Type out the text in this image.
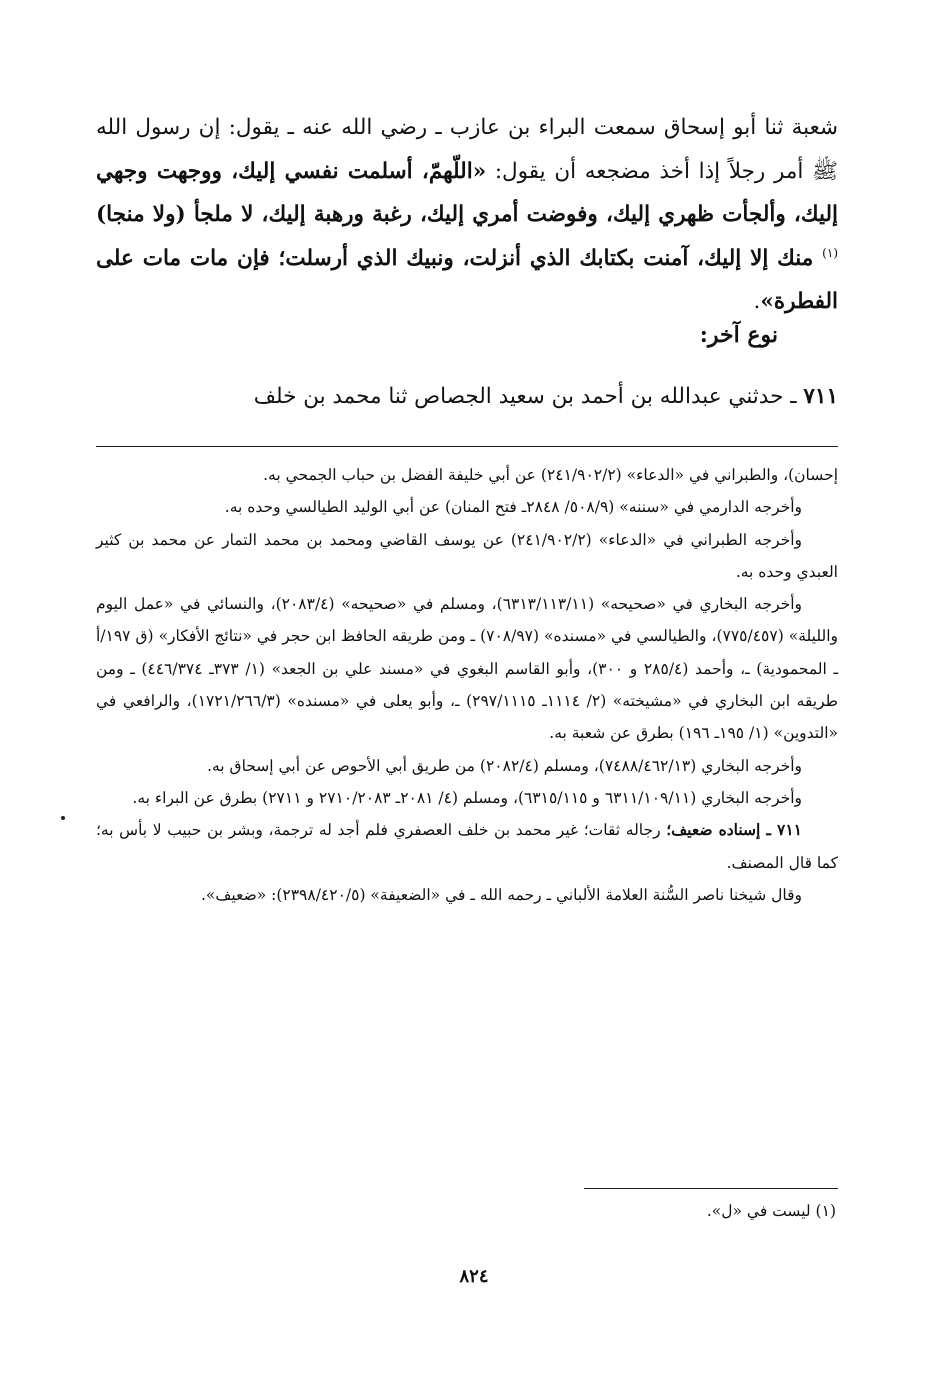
شعبة ثنا أبو إسحاق سمعت البراء بن عازب ـ رضي الله عنه ـ يقول: إن رسول الله ﷺ أمر رجلاً إذا أخذ مضجعه أن يقول: «اللّهمّ، أسلمت نفسي إليك، ووجهت وجهي إليك، وألجأت ظهري إليك، وفوضت أمري إليك، رغبة ورهبة إليك، لا ملجأ (ولا منجا)$^{(١)}$ منك إلا إليك، آمنت بكتابك الذي أنزلت، ونبيك الذي أرسلت؛ فإن مات مات على الفطرة».

نوع آخر:
٧١١ ـ حدثني عبدالله بن أحمد بن سعيد الجصاص ثنا محمد بن خلف

إحسان)، والطبراني في «الدعاء» (٢٤١/٩٠٢/٢) عن أبي خليفة الفضل بن حباب الجمحي به.

وأخرجه الدارمي في «سننه» (٥٠٨/٩/ ٢٨٤٨ـ فتح المنان) عن أبي الوليد الطيالسي وحده به.

وأخرجه الطبراني في «الدعاء» (٢٤١/٩٠٢/٢) عن يوسف القاضي ومحمد بن محمد التمار عن محمد بن كثير العبدي وحده به.

وأخرجه البخاري في «صحيحه» (٦٣١٣/١١٣/١١)، ومسلم في «صحيحه» (٢٠٨٣/٤)، والنسائي في «عمل اليوم والليلة» (٧٧٥/٤٥٧)، والطيالسي في «مسنده» (٧٠٨/٩٧) ـ ومن طريقه الحافظ ابن حجر في «نتائج الأفكار» (ق ١٩٧/أ ـ المحمودية) ـ، وأحمد (٢٨٥/٤ و ٣٠٠)، وأبو القاسم البغوي في «مسند علي بن الجعد» (١/ ٣٧٣ـ ٤٤٦/٣٧٤) ـ ومن طريقه ابن البخاري في «مشيخته» (٢/ ١١١٤ـ ٢٩٧/١١١٥) ـ، وأبو يعلى في «مسنده» (١٧٢١/٢٦٦/٣)، والرافعي في «التدوين» (١/ ١٩٥ـ ١٩٦) بطرق عن شعبة به.

وأخرجه البخاري (٧٤٨٨/٤٦٢/١٣)، ومسلم (٢٠٨٢/٤) من طريق أبي الأحوص عن أبي إسحاق به.

وأخرجه البخاري (٦٣١١/١٠٩/١١ و ٦٣١٥/١١٥)، ومسلم (٤/ ٢٠٨١ـ ٢٧١٠/٢٠٨٣ و ٢٧١١) بطرق عن البراء به.

٧١١ ـ إسناده ضعيف؛ رجاله ثقات؛ غير محمد بن خلف العصفري فلم أجد له ترجمة، وبشر بن حبيب لا بأس به؛ كما قال المصنف.

وقال شيخنا ناصر السُّنة العلامة الألباني ـ رحمه الله ـ في «الضعيفة» (٢٣٩٨/٤٢٠/٥): «ضعيف».

(١) ليست في «ل».
٨٢٤
